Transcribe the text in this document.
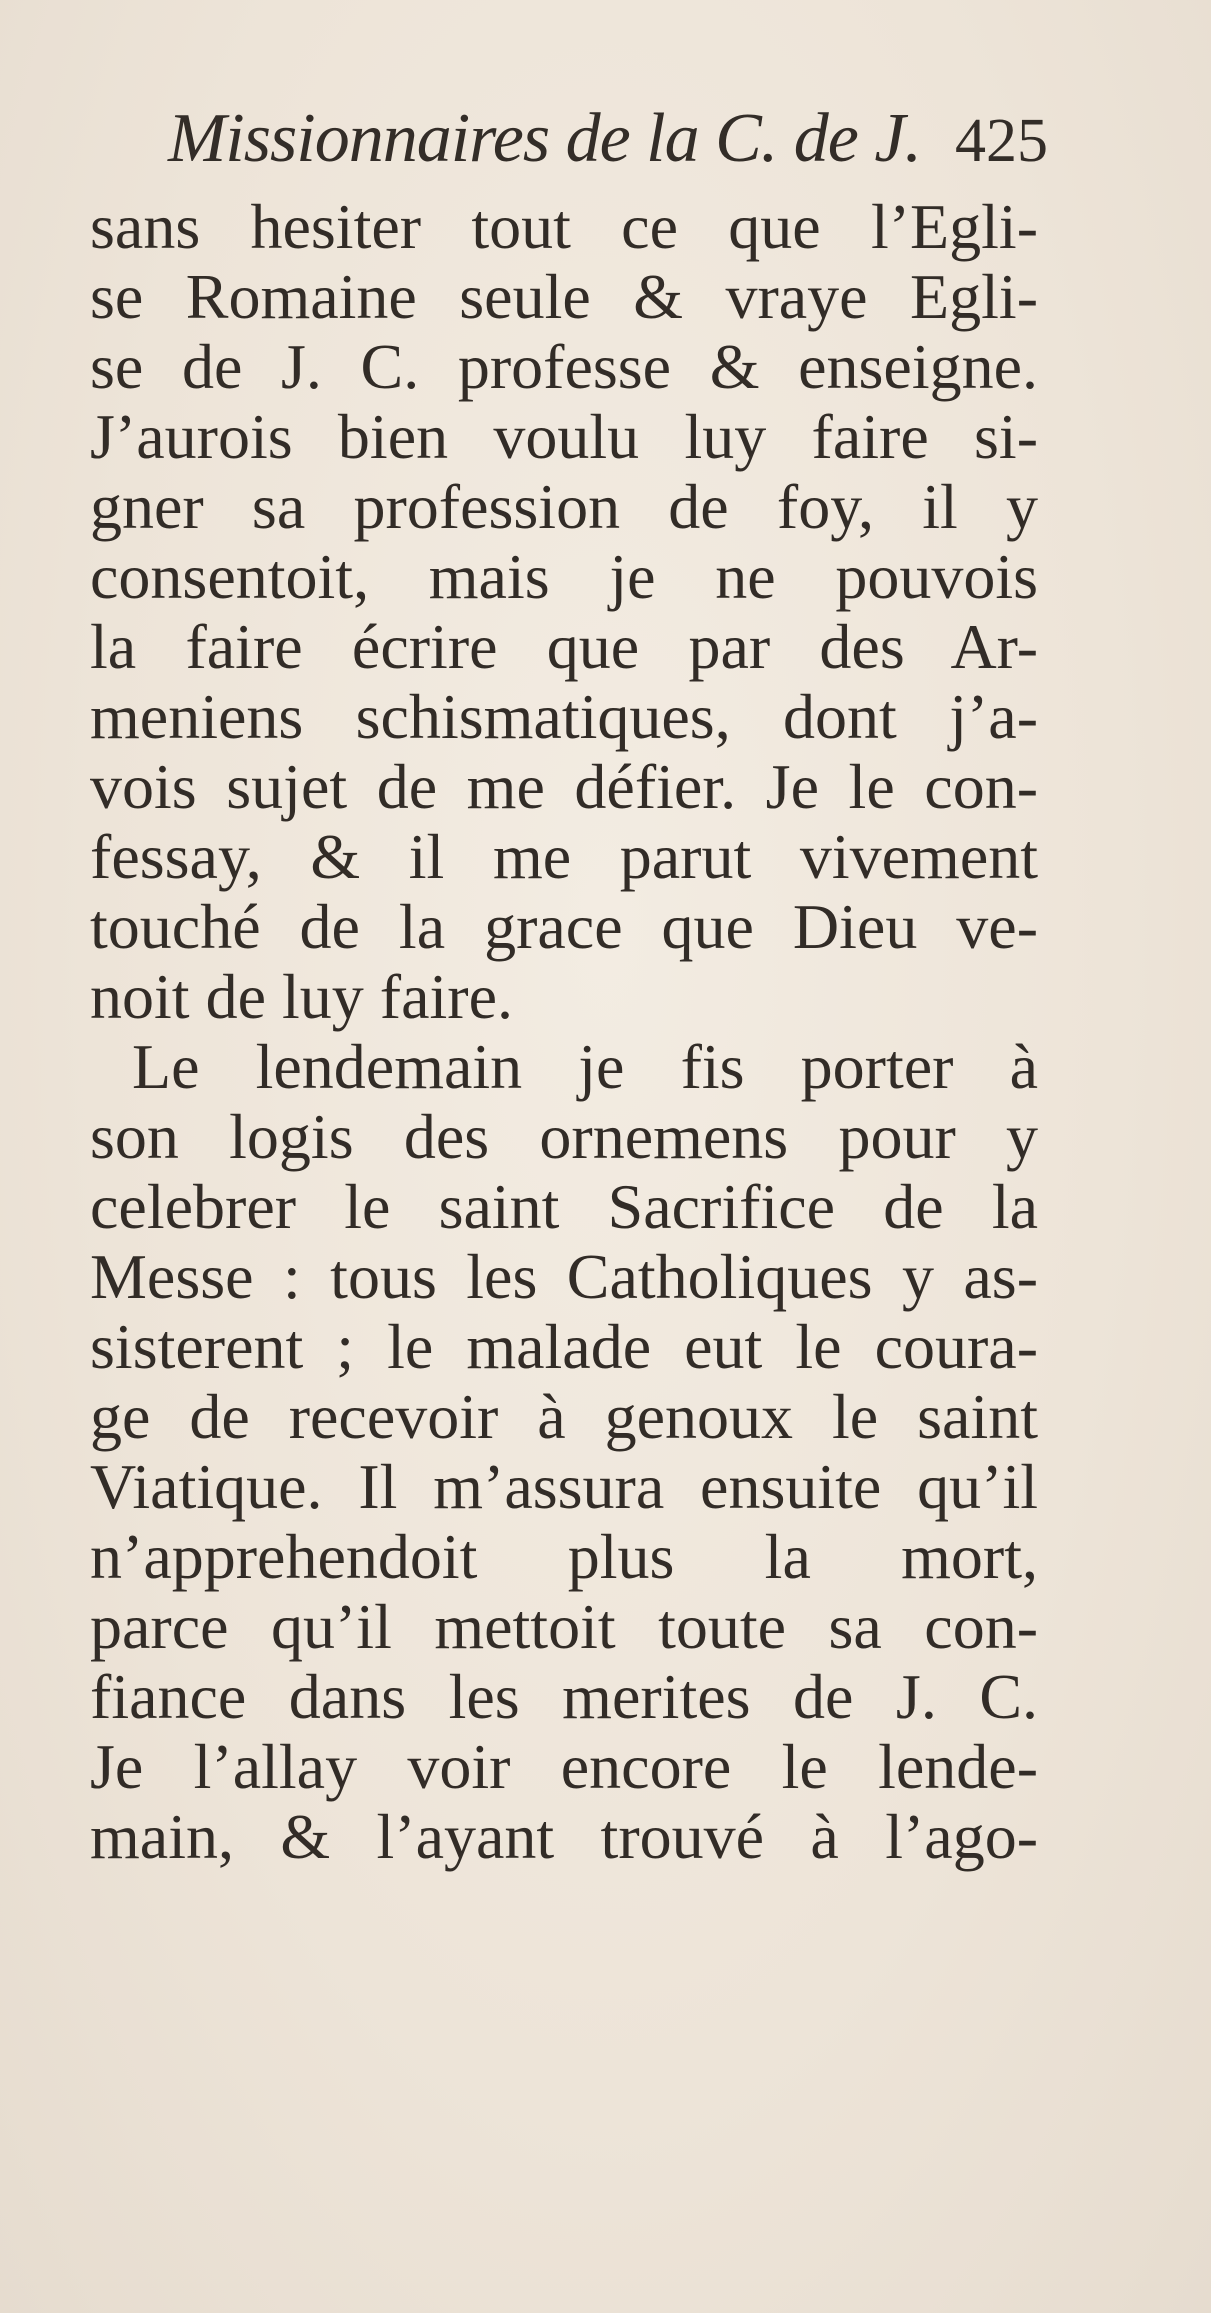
Missionnaires de la C. de J. 425
sans hesiter tout ce que l’Egli-
se Romaine seule & vraye Egli-
se de J. C. professe & enseigne.
J’aurois bien voulu luy faire si-
gner sa profession de foy, il y
consentoit, mais je ne pouvois
la faire écrire que par des Ar-
meniens schismatiques, dont j’a-
vois sujet de me défier. Je le con-
fessay, & il me parut vivement
touché de la grace que Dieu ve-
noit de luy faire.
Le lendemain je fis porter à
son logis des ornemens pour y
celebrer le saint Sacrifice de la
Messe : tous les Catholiques y as-
sisterent ; le malade eut le coura-
ge de recevoir à genoux le saint
Viatique. Il m’assura ensuite qu’il
n’apprehendoit plus la mort,
parce qu’il mettoit toute sa con-
fiance dans les merites de J. C.
Je l’allay voir encore le lende-
main, & l’ayant trouvé à l’ago-
